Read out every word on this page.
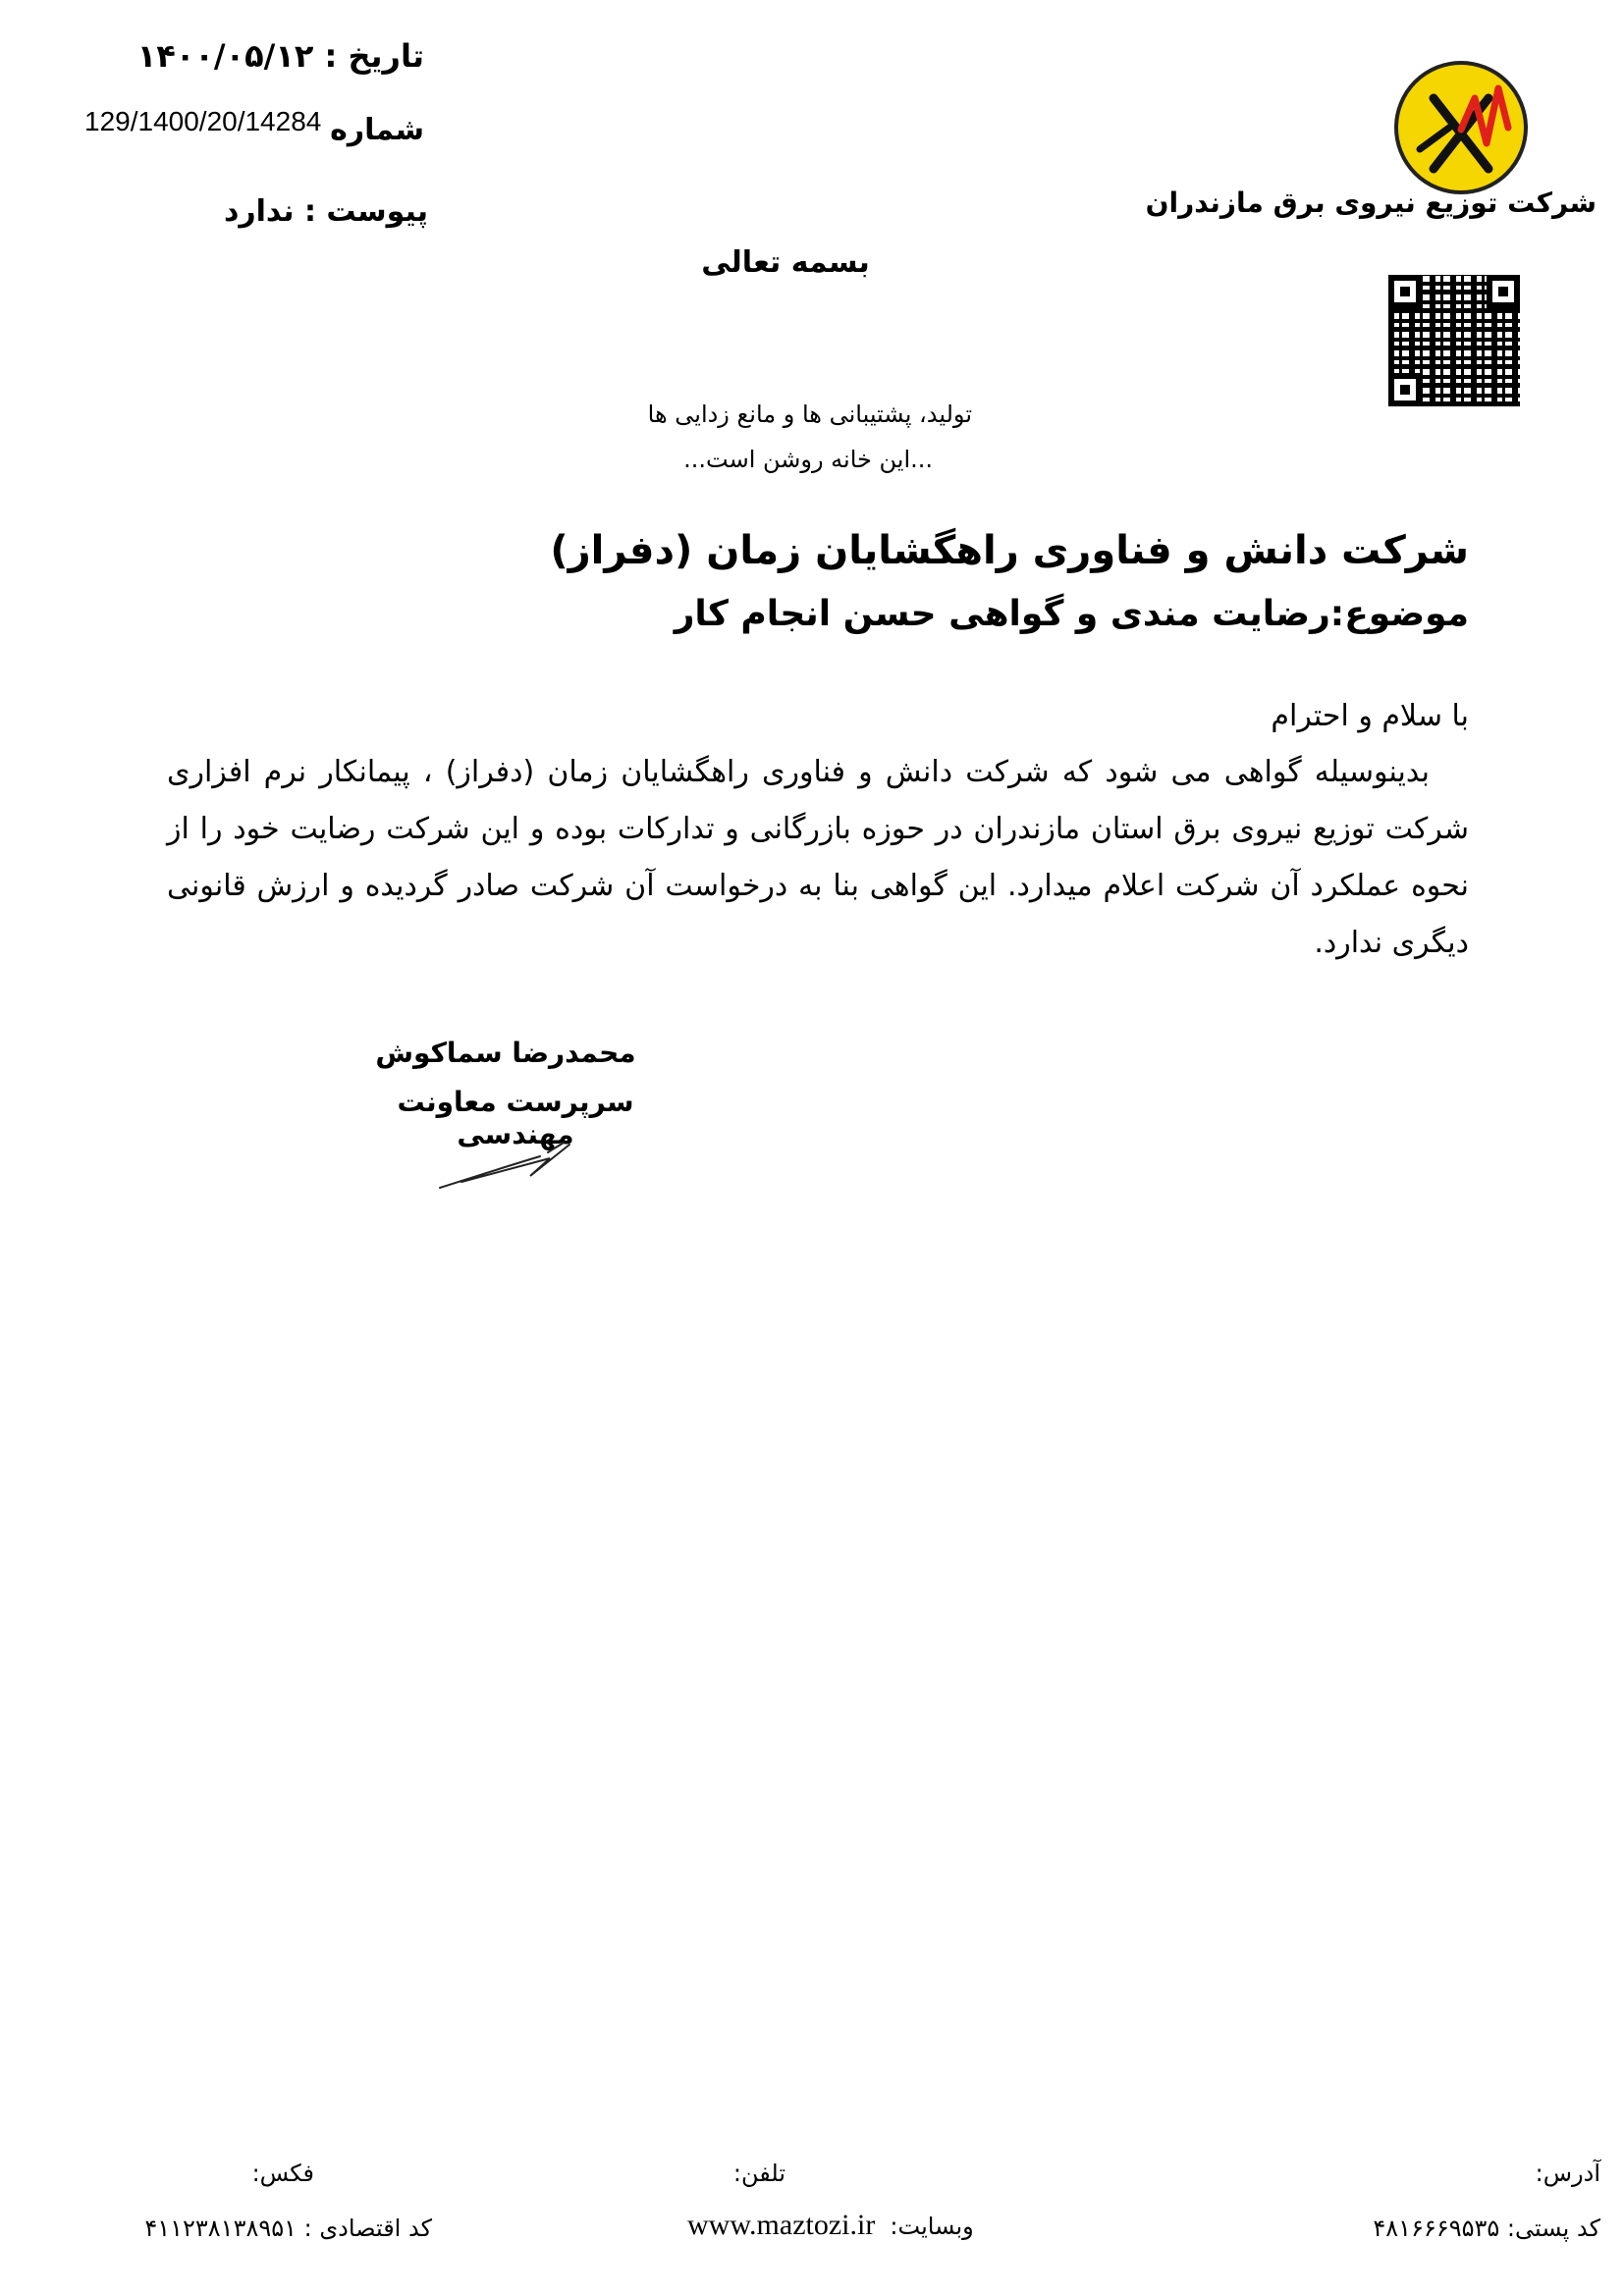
تاریخ : ۱۴۰۰/۰۵/۱۲
شماره
129/1400/20/14284
پیوست : ندارد	شرکت توزیع نیروی برق مازندران
بسمه تعالی
تولید، پشتیبانی ها و مانع زدایی ها
...این خانه روشن است...
شرکت دانش و فناوری راهگشایان زمان (دفراز)
موضوع:رضایت مندی و گواهی حسن انجام کار
با سلام و احترام
بدینوسیله گواهی می شود که شرکت دانش و فناوری راهگشایان زمان (دفراز) ، پیمانکار نرم افزاری شرکت توزیع نیروی برق استان مازندران در حوزه بازرگانی و تدارکات بوده و این شرکت رضایت خود را از نحوه عملکرد آن شرکت اعلام میدارد. این گواهی بنا به درخواست آن شرکت صادر گردیده و ارزش قانونی دیگری ندارد.
محمدرضا سماکوش
سرپرست معاونت مهندسی
آدرس:
تلفن:
فکس:
کد پستی: ۴۸۱۶۶۶۹۵۳۵
www.maztozi.ir وبسایت:
کد اقتصادی : ۴۱۱۲۳۸۱۳۸۹۵۱
